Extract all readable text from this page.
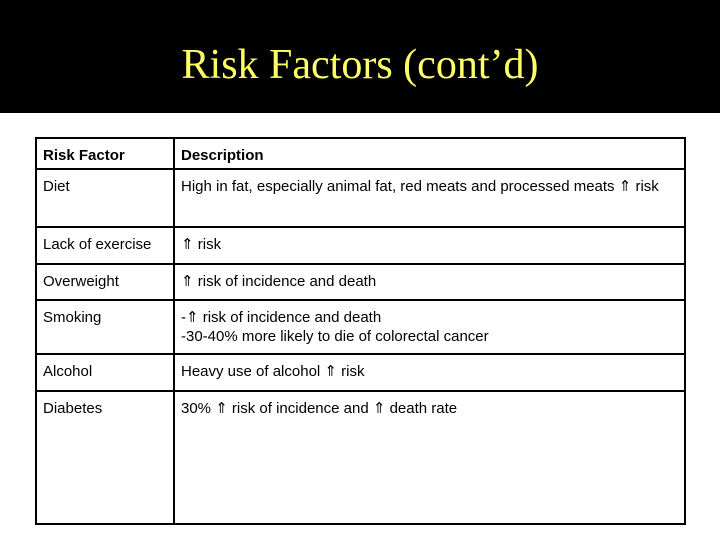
Risk Factors (cont’d)
Risk Factor	Description
Diet	High in fat, especially animal fat, red meats and processed meats ⇑ risk

Lack of exercise	⇑ risk

Overweight	⇑ risk of incidence and death

Smoking	-⇑ risk of incidence and death
-30-40% more likely to die of colorectal cancer

Alcohol	Heavy use of alcohol ⇑ risk

Diabetes	30% ⇑ risk of incidence and ⇑ death rate
